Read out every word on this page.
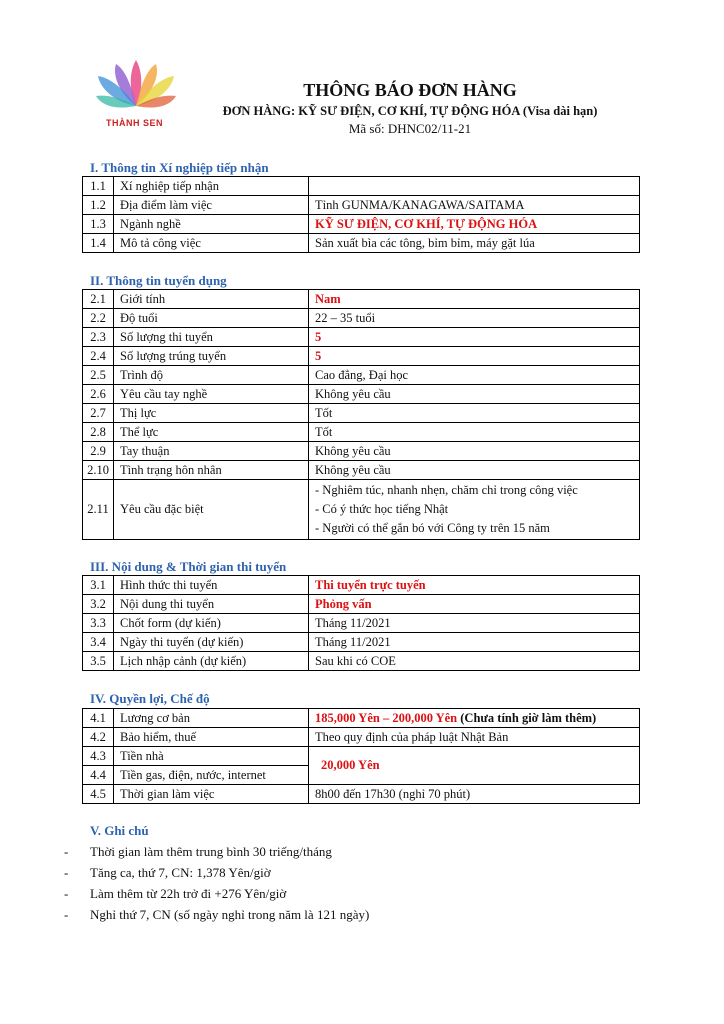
THÀNH SEN
THÔNG BÁO ĐƠN HÀNG
ĐƠN HÀNG: KỸ SƯ ĐIỆN, CƠ KHÍ, TỰ ĐỘNG HÓA (Visa dài hạn)
Mã số: DHNC02/11-21
I. Thông tin Xí nghiệp tiếp nhận
1.1	Xí nghiệp tiếp nhận	
1.2	Địa điểm làm việc	Tỉnh GUNMA/KANAGAWA/SAITAMA
1.3	Ngành nghề	KỸ SƯ ĐIỆN, CƠ KHÍ, TỰ ĐỘNG HÓA
1.4	Mô tả công việc	Sản xuất bìa các tông, bỉm bỉm, máy gặt lúa
II. Thông tin tuyển dụng
2.1	Giới tính	Nam
2.2	Độ tuổi	22 – 35 tuổi
2.3	Số lượng thi tuyển	5
2.4	Số lượng trúng tuyển	5
2.5	Trình độ	Cao đẳng, Đại học
2.6	Yêu cầu tay nghề	Không yêu cầu
2.7	Thị lực	Tốt
2.8	Thể lực	Tốt
2.9	Tay thuận	Không yêu cầu
2.10	Tình trạng hôn nhân	Không yêu cầu
2.11	Yêu cầu đặc biệt	- Nghiêm túc, nhanh nhẹn, chăm chỉ trong công việc
- Có ý thức học tiếng Nhật
- Người có thể gắn bó với Công ty trên 15 năm
III. Nội dung & Thời gian thi tuyển
3.1	Hình thức thi tuyển	Thi tuyển trực tuyến
3.2	Nội dung thi tuyển	Phỏng vấn
3.3	Chốt form (dự kiến)	Tháng 11/2021
3.4	Ngày thi tuyển (dự kiến)	Tháng 11/2021
3.5	Lịch nhập cảnh (dự kiến)	Sau khi có COE
IV. Quyền lợi, Chế độ
4.1	Lương cơ bản	185,000 Yên – 200,000 Yên (Chưa tính giờ làm thêm)
4.2	Bảo hiểm, thuế	Theo quy định của pháp luật Nhật Bản
4.3	Tiền nhà	20,000 Yên
4.4	Tiền gas, điện, nước, internet	
4.5	Thời gian làm việc	8h00 đến 17h30 (nghỉ 70 phút)
V. Ghi chú
- Thời gian làm thêm trung bình 30 triếng/tháng
- Tăng ca, thứ 7, CN: 1,378 Yên/giờ
- Làm thêm từ 22h trở đi +276 Yên/giờ
- Nghỉ thứ 7, CN (số ngày nghỉ trong năm là 121 ngày)
